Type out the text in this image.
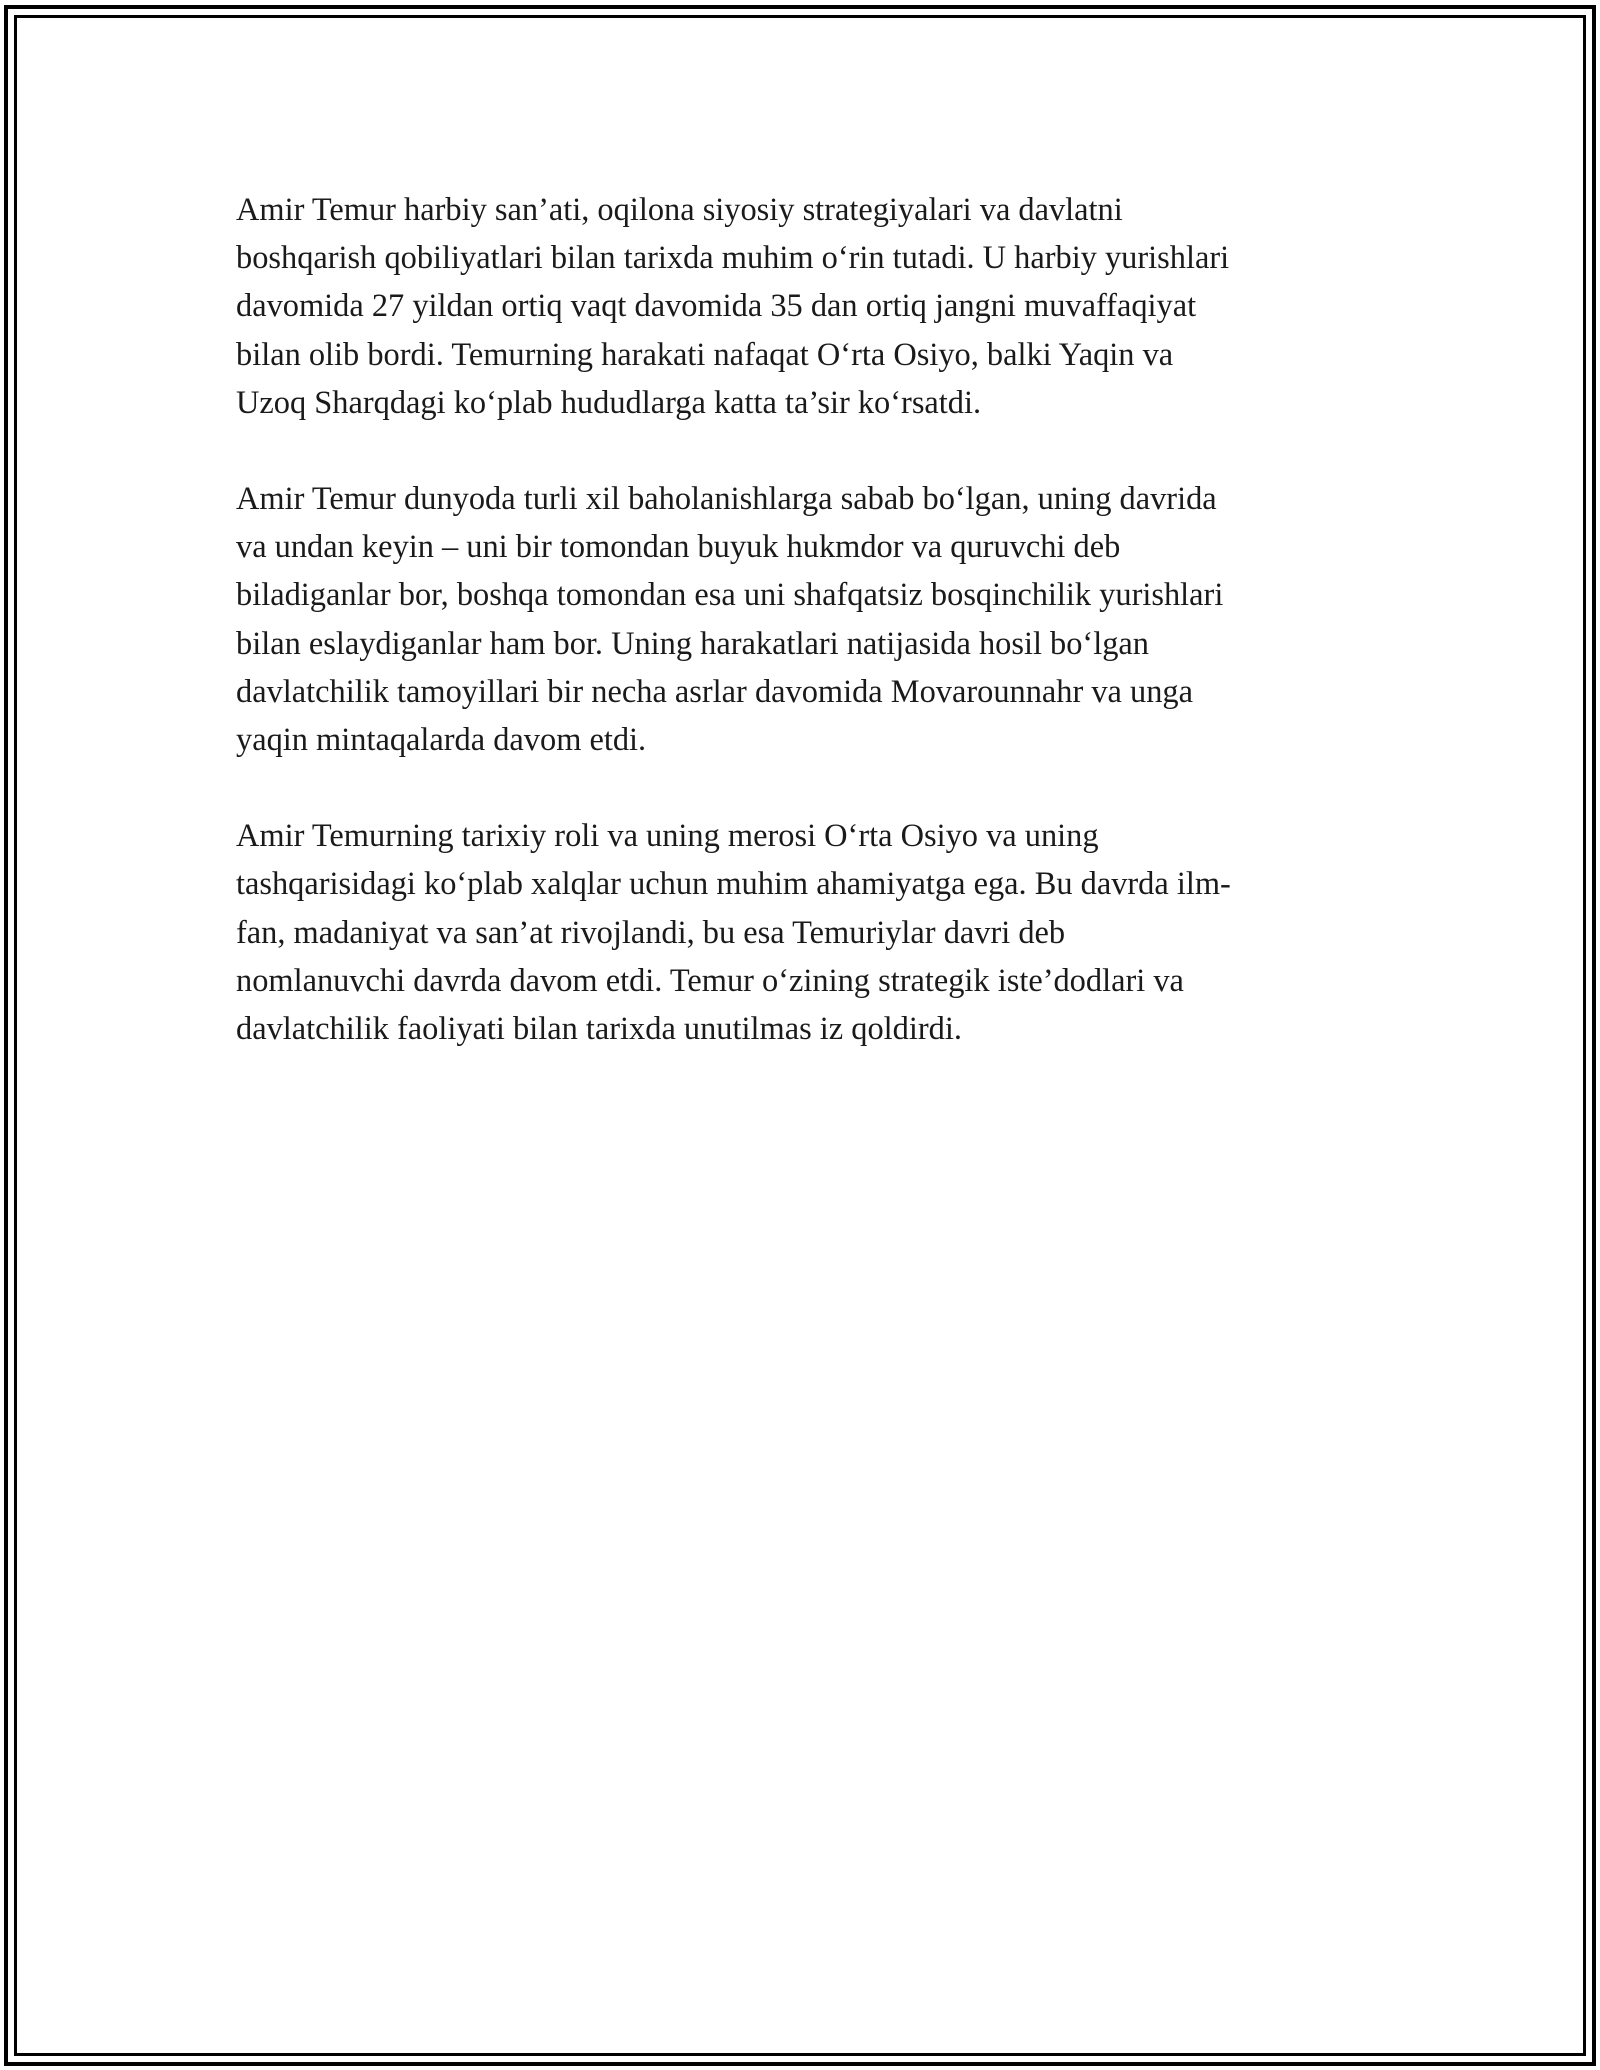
Amir Temur harbiy san’ati, oqilona siyosiy strategiyalari va davlatni
boshqarish qobiliyatlari bilan tarixda muhim oʻrin tutadi. U harbiy yurishlari
davomida 27 yildan ortiq vaqt davomida 35 dan ortiq jangni muvaffaqiyat
bilan olib bordi. Temurning harakati nafaqat Oʻrta Osiyo, balki Yaqin va
Uzoq Sharqdagi koʻplab hududlarga katta ta’sir koʻrsatdi.

Amir Temur dunyoda turli xil baholanishlarga sabab boʻlgan, uning davrida
va undan keyin – uni bir tomondan buyuk hukmdor va quruvchi deb
biladiganlar bor, boshqa tomondan esa uni shafqatsiz bosqinchilik yurishlari
bilan eslaydiganlar ham bor. Uning harakatlari natijasida hosil boʻlgan
davlatchilik tamoyillari bir necha asrlar davomida Movarounnahr va unga
yaqin mintaqalarda davom etdi.

Amir Temurning tarixiy roli va uning merosi Oʻrta Osiyo va uning
tashqarisidagi koʻplab xalqlar uchun muhim ahamiyatga ega. Bu davrda ilm-
fan, madaniyat va san’at rivojlandi, bu esa Temuriylar davri deb
nomlanuvchi davrda davom etdi. Temur oʻzining strategik iste’dodlari va
davlatchilik faoliyati bilan tarixda unutilmas iz qoldirdi.
